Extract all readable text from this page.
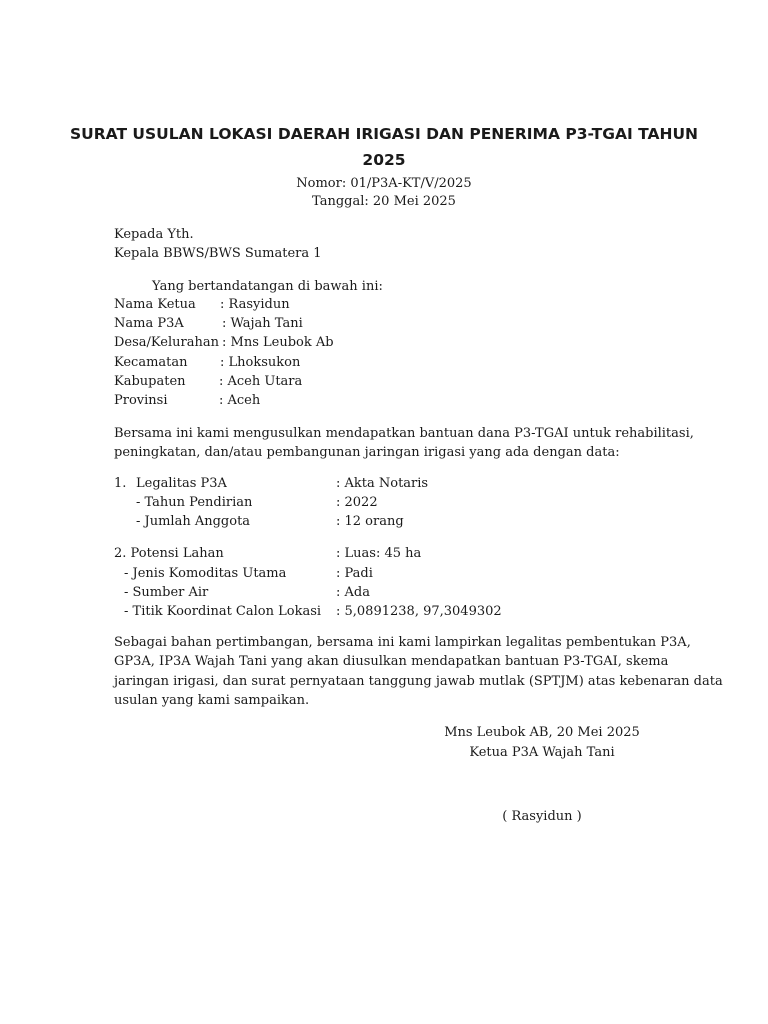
SURAT USULAN LOKASI DAERAH IRIGASI DAN PENERIMA P3-TGAI TAHUN
2025
Nomor: 01/P3A-KT/V/2025
Tanggal: 20 Mei 2025
Kepada Yth.
Kepala BBWS/BWS Sumatera 1
Yang bertandatangan di bawah ini:
Nama Ketua : Rasyidun
Nama P3A	: Wajah Tani
Desa/Kelurahan : Mns Leubok Ab
Kecamatan : Lhoksukon
Kabupaten	: Aceh Utara
Provinsi	: Aceh
Bersama ini kami mengusulkan mendapatkan bantuan dana P3-TGAI untuk rehabilitasi,
peningkatan, dan/atau pembangunan jaringan irigasi yang ada dengan data:
1. Legalitas P3A	: Akta Notaris
- Tahun Pendirian	: 2022
- Jumlah Anggota	: 12 orang
2. Potensi Lahan	: Luas: 45 ha
- Jenis Komoditas Utama	: Padi
- Sumber Air	: Ada
- Titik Koordinat Calon Lokasi : 5,0891238, 97,3049302
Sebagai bahan pertimbangan, bersama ini kami lampirkan legalitas pembentukan P3A,
GP3A, IP3A Wajah Tani yang akan diusulkan mendapatkan bantuan P3-TGAI, skema
jaringan irigasi, dan surat pernyataan tanggung jawab mutlak (SPTJM) atas kebenaran data
usulan yang kami sampaikan.
Mns Leubok AB, 20 Mei 2025
Ketua P3A Wajah Tani
( Rasyidun )
